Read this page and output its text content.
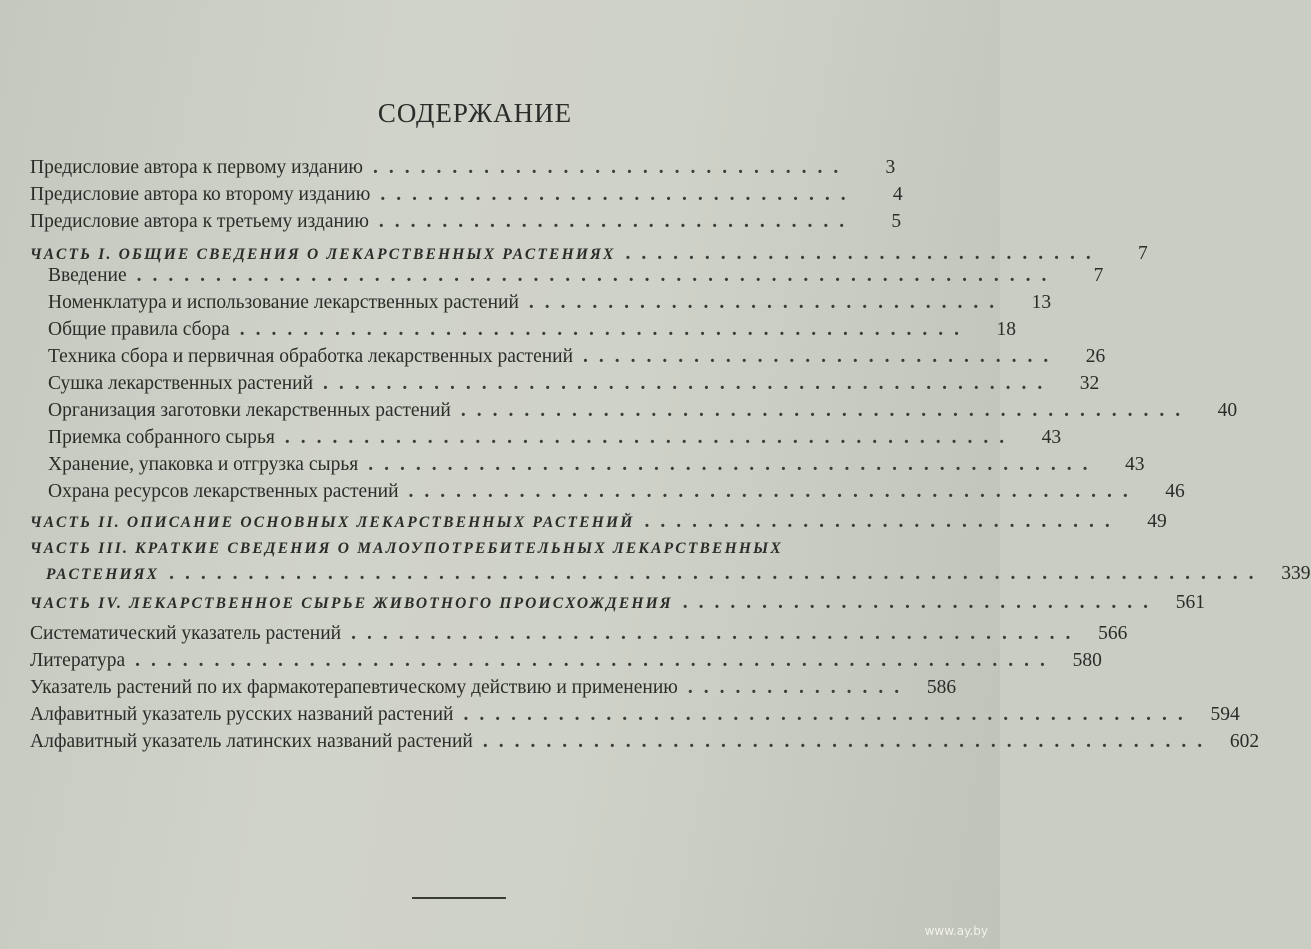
СОДЕРЖАНИЕ
Предисловие автора к первому изданию ..............................	3
Предисловие автора ко второму изданию ..............................	4
Предисловие автора к третьему изданию ..............................	5
ЧАСТЬ I. ОБЩИЕ СВЕДЕНИЯ О ЛЕКАРСТВЕННЫХ РАСТЕНИЯХ ..............................	7
Введение ..........................................................	7
Номенклатура и использование лекарственных растений ..............................	13
Общие правила сбора ..............................................	18
Техника сбора и первичная обработка лекарственных растений ..............................	26
Сушка лекарственных растений ..............................................	32
Организация заготовки лекарственных растений ..............................................	40
Приемка собранного сырья ..............................................	43
Хранение, упаковка и отгрузка сырья ..............................................	43
Охрана ресурсов лекарственных растений ..............................................	46
ЧАСТЬ II. ОПИСАНИЕ ОСНОВНЫХ ЛЕКАРСТВЕННЫХ РАСТЕНИЙ ..............................	49
ЧАСТЬ III. КРАТКИЕ СВЕДЕНИЯ О МАЛОУПОТРЕБИТЕЛЬНЫХ ЛЕКАРСТВЕННЫХ
РАСТЕНИЯХ ..................................................................... 339
ЧАСТЬ IV. ЛЕКАРСТВЕННОЕ СЫРЬЕ ЖИВОТНОГО ПРОИСХОЖДЕНИЯ .............................. 561
Систематический указатель растений .............................................. 566
Литература .......................................................... 580
Указатель растений по их фармакотерапевтическому действию и применению .............. 586
Алфавитный указатель русских названий растений .............................................. 594
Алфавитный указатель латинских названий растений .............................................. 602
www.ay.by
